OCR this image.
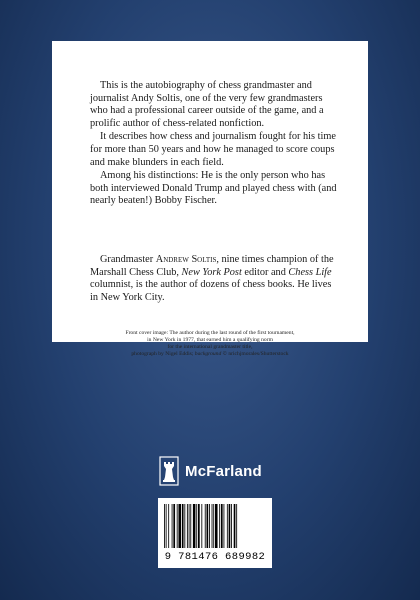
This is the autobiography of chess grandmaster and journalist Andy Soltis, one of the very few grandmasters who had a professional career outside of the game, and a prolific author of chess-related nonfiction.

It describes how chess and journalism fought for his time for more than 50 years and how he managed to score coups and make blunders in each field.

Among his distinctions: He is the only person who has both interviewed Donald Trump and played chess with (and nearly beaten!) Bobby Fischer.

Grandmaster Andrew Soltis, nine times champion of the Marshall Chess Club, New York Post editor and Chess Life columnist, is the author of dozens of chess books. He lives in New York City.
Front cover image: The author during the last round of the first tournament,
in New York in 1977, that earned him a qualifying norm
for the international grandmaster title,
photograph by Nigel Eddis; background © nrichjmorales/Shutterstock
McFarland
9 781476 689982
